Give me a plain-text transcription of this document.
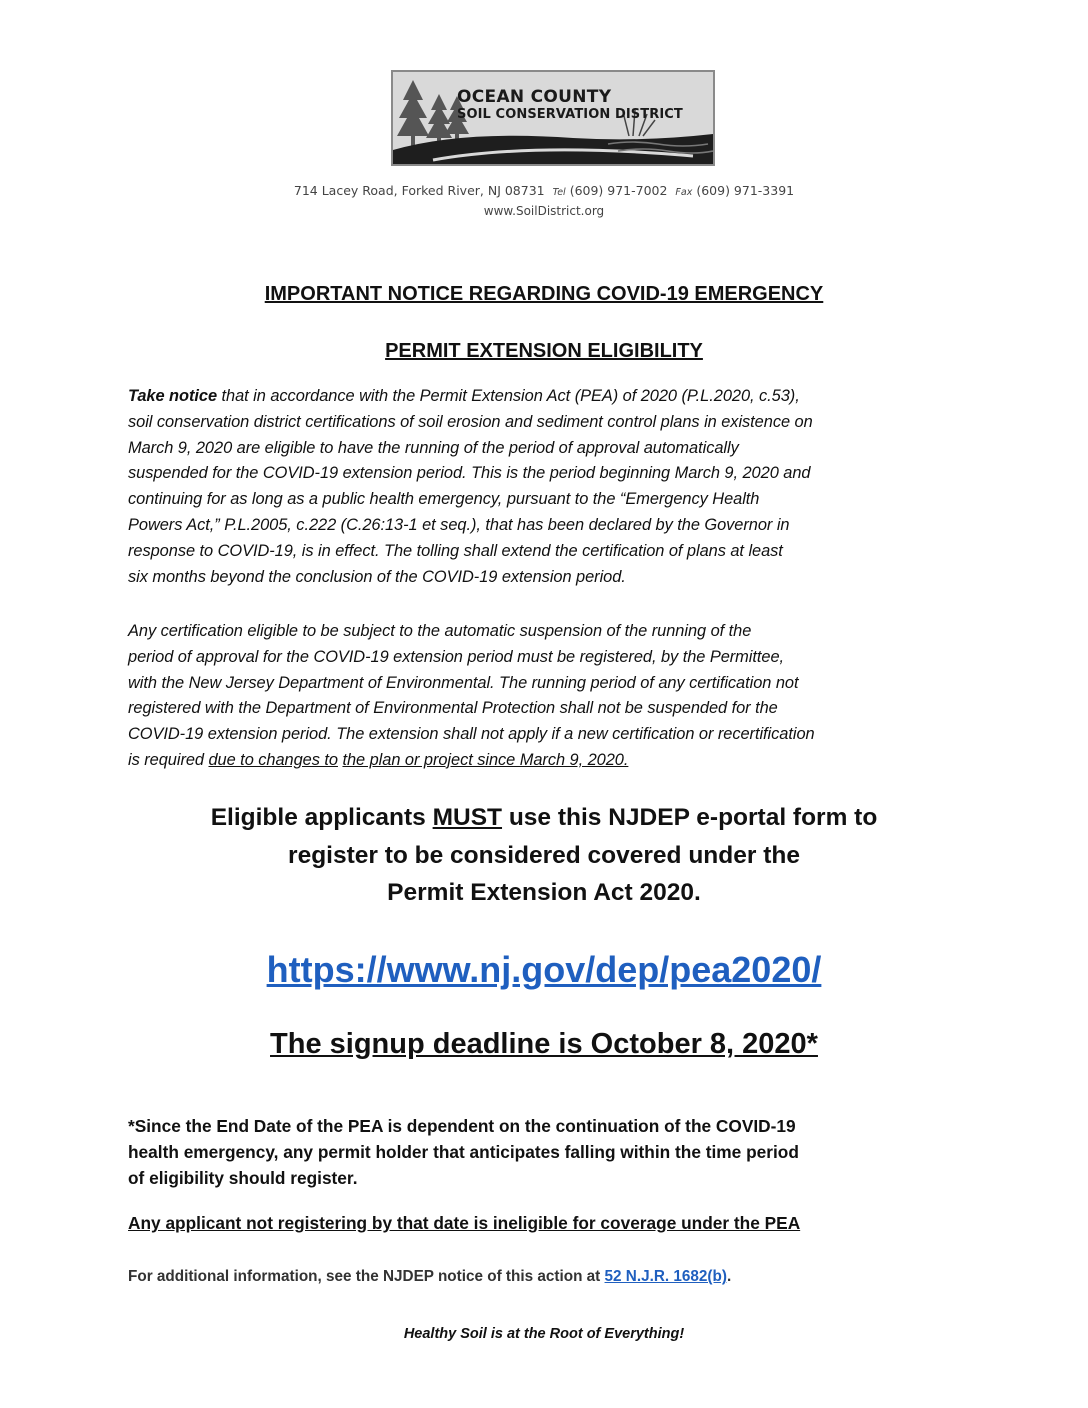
OCEAN COUNTY
SOIL CONSERVATION DISTRICT
714 Lacey Road, Forked River, NJ 08731 Tel (609) 971-7002 Fax (609) 971-3391
www.SoilDistrict.org
IMPORTANT NOTICE REGARDING COVID-19 EMERGENCY
PERMIT EXTENSION ELIGIBILITY
Take notice that in accordance with the Permit Extension Act (PEA) of 2020 (P.L.2020, c.53),
soil conservation district certifications of soil erosion and sediment control plans in existence on
March 9, 2020 are eligible to have the running of the period of approval automatically
suspended for the COVID-19 extension period. This is the period beginning March 9, 2020 and
continuing for as long as a public health emergency, pursuant to the “Emergency Health
Powers Act,” P.L.2005, c.222 (C.26:13-1 et seq.), that has been declared by the Governor in
response to COVID-19, is in effect. The tolling shall extend the certification of plans at least
six months beyond the conclusion of the COVID-19 extension period.
Any certification eligible to be subject to the automatic suspension of the running of the
period of approval for the COVID-19 extension period must be registered, by the Permittee,
with the New Jersey Department of Environmental. The running period of any certification not
registered with the Department of Environmental Protection shall not be suspended for the
COVID-19 extension period. The extension shall not apply if a new certification or recertification
is required due to changes to the plan or project since March 9, 2020.
Eligible applicants MUST use this NJDEP e-portal form to
register to be considered covered under the
Permit Extension Act 2020.
https://www.nj.gov/dep/pea2020/
The signup deadline is October 8, 2020*
*Since the End Date of the PEA is dependent on the continuation of the COVID-19
health emergency, any permit holder that anticipates falling within the time period
of eligibility should register.
Any applicant not registering by that date is ineligible for coverage under the PEA
For additional information, see the NJDEP notice of this action at 52 N.J.R. 1682(b).
Healthy Soil is at the Root of Everything!
